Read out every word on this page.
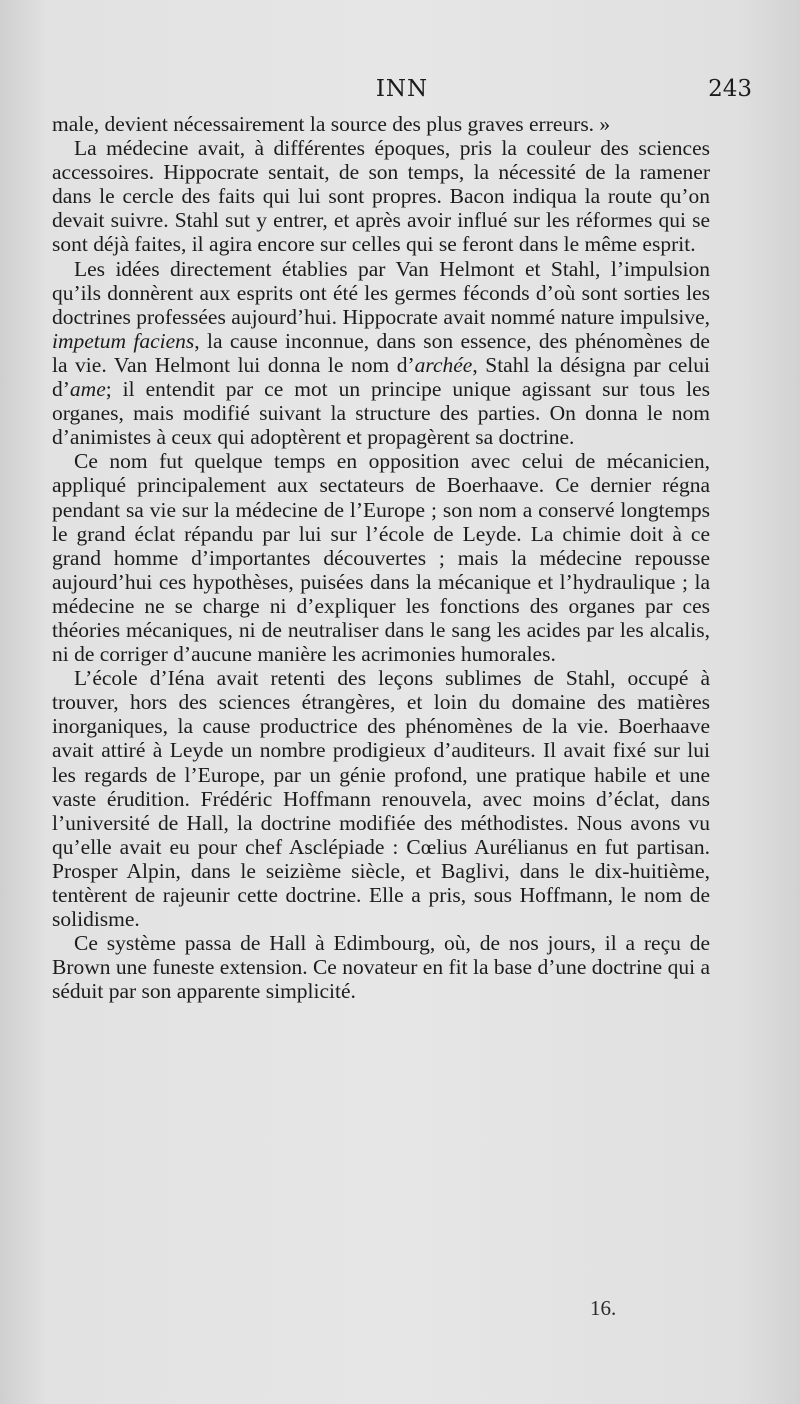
INN	243

male, devient nécessairement la source des plus graves erreurs. »

La médecine avait, à différentes époques, pris la couleur des sciences accessoires. Hippocrate sentait, de son temps, la nécessité de la ramener dans le cercle des faits qui lui sont propres. Bacon indiqua la route qu’on devait suivre. Stahl sut y entrer, et après avoir influé sur les réformes qui se sont déjà faites, il agira encore sur celles qui se feront dans le même esprit.

Les idées directement établies par Van Helmont et Stahl, l’impulsion qu’ils donnèrent aux esprits ont été les germes féconds d’où sont sorties les doctrines professées aujourd’hui. Hippocrate avait nommé nature impulsive, impetum faciens, la cause inconnue, dans son essence, des phénomènes de la vie. Van Helmont lui donna le nom d’archée, Stahl la désigna par celui d’ame; il entendit par ce mot un principe unique agissant sur tous les organes, mais modifié suivant la structure des parties. On donna le nom d’animistes à ceux qui adoptèrent et propagèrent sa doctrine.

Ce nom fut quelque temps en opposition avec celui de mécanicien, appliqué principalement aux sectateurs de Boerhaave. Ce dernier régna pendant sa vie sur la médecine de l’Europe ; son nom a conservé longtemps le grand éclat répandu par lui sur l’école de Leyde. La chimie doit à ce grand homme d’importantes découvertes ; mais la médecine repousse aujourd’hui ces hypothèses, puisées dans la mécanique et l’hydraulique ; la médecine ne se charge ni d’expliquer les fonctions des organes par ces théories mécaniques, ni de neutraliser dans le sang les acides par les alcalis, ni de corriger d’aucune manière les acrimonies humorales.

L’école d’Iéna avait retenti des leçons sublimes de Stahl, occupé à trouver, hors des sciences étrangères, et loin du domaine des matières inorganiques, la cause productrice des phénomènes de la vie. Boerhaave avait attiré à Leyde un nombre prodigieux d’auditeurs. Il avait fixé sur lui les regards de l’Europe, par un génie profond, une pratique habile et une vaste érudition. Frédéric Hoffmann renouvela, avec moins d’éclat, dans l’université de Hall, la doctrine modifiée des méthodistes. Nous avons vu qu’elle avait eu pour chef Asclépiade : Cœlius Aurélianus en fut partisan. Prosper Alpin, dans le seizième siècle, et Baglivi, dans le dix-huitième, tentèrent de rajeunir cette doctrine. Elle a pris, sous Hoffmann, le nom de solidisme.

Ce système passa de Hall à Edimbourg, où, de nos jours, il a reçu de Brown une funeste extension. Ce novateur en fit la base d’une doctrine qui a séduit par son apparente simplicité.

16.
